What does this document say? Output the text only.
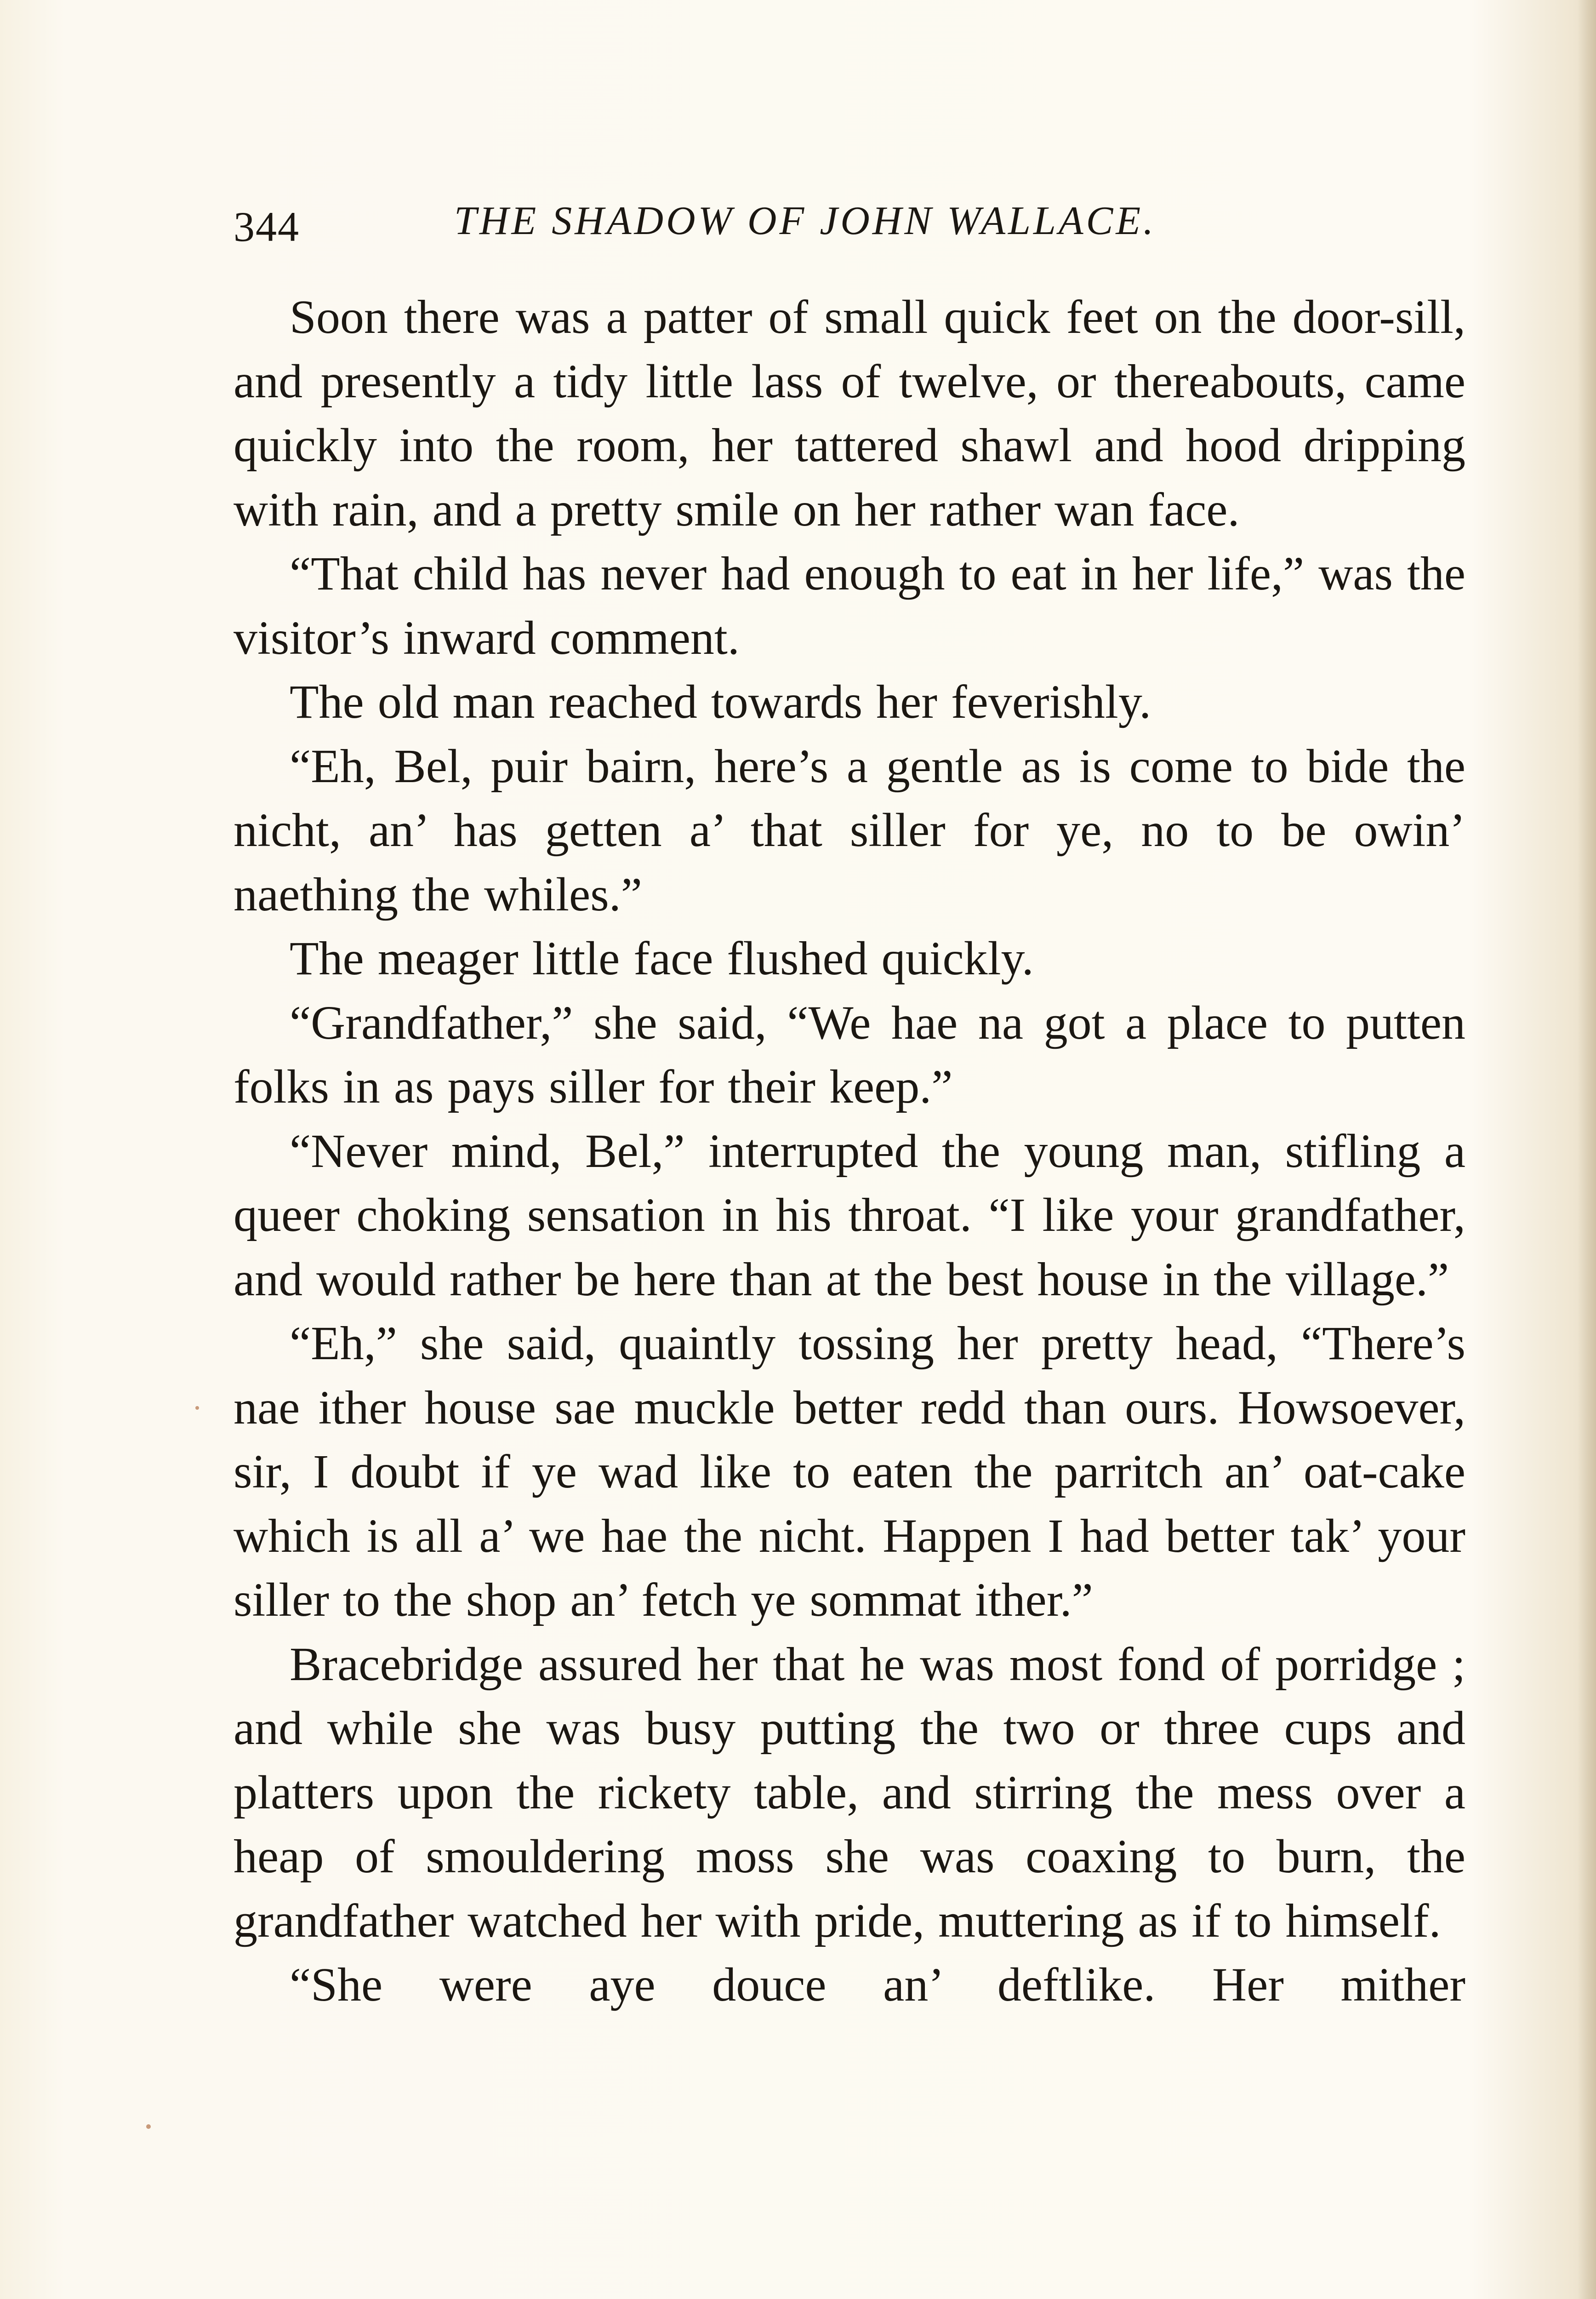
344	THE SHADOW OF JOHN WALLACE.

Soon there was a patter of small quick feet on the door-sill, and presently a tidy little lass of twelve, or thereabouts, came quickly into the room, her tattered shawl and hood dripping with rain, and a pretty smile on her rather wan face.

“That child has never had enough to eat in her life,” was the visitor’s inward comment.

The old man reached towards her feverishly.

“Eh, Bel, puir bairn, here’s a gentle as is come to bide the nicht, an’ has getten a’ that siller for ye, no to be owin’ naething the whiles.”

The meager little face flushed quickly.

“Grandfather,” she said, “We hae na got a place to putten folks in as pays siller for their keep.”

“Never mind, Bel,” interrupted the young man, stifling a queer choking sensation in his throat. “I like your grandfather, and would rather be here than at the best house in the village.”

“Eh,” she said, quaintly tossing her pretty head, “There’s nae ither house sae muckle better redd than ours. Howsoever, sir, I doubt if ye wad like to eaten the parritch an’ oat-cake which is all a’ we hae the nicht. Happen I had better tak’ your siller to the shop an’ fetch ye sommat ither.”

Bracebridge assured her that he was most fond of porridge ; and while she was busy putting the two or three cups and platters upon the rickety table, and stirring the mess over a heap of smouldering moss she was coaxing to burn, the grandfather watched her with pride, muttering as if to himself.

“She were aye douce an’ deftlike. Her mither
